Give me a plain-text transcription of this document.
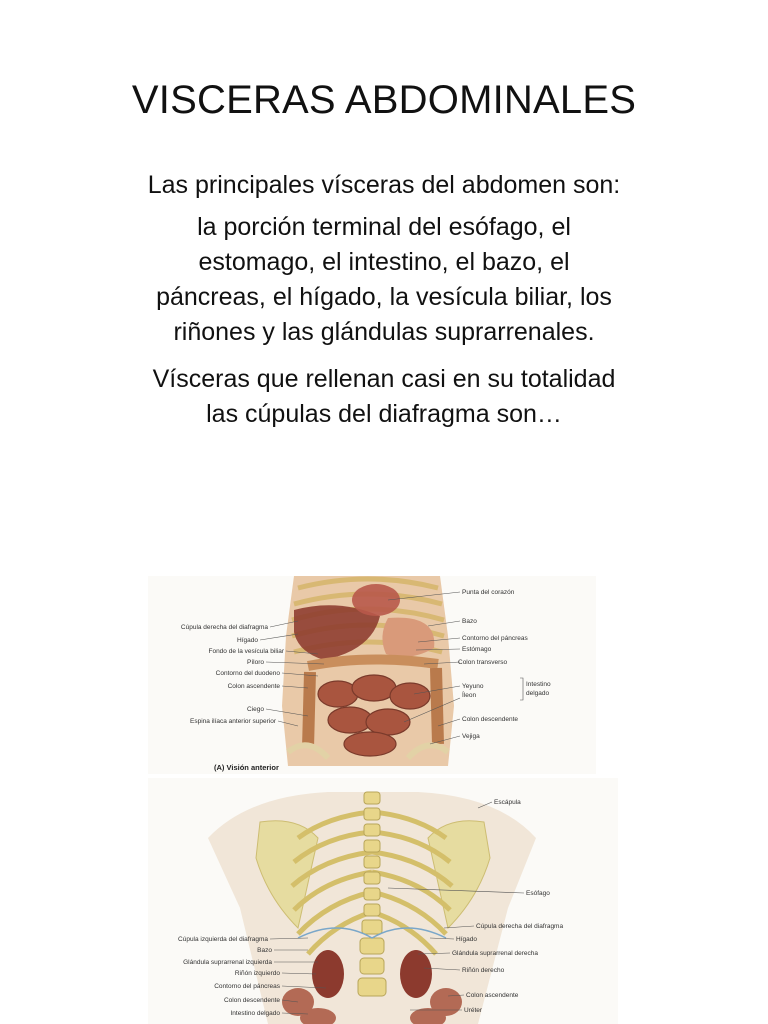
VISCERAS ABDOMINALES
Las principales vísceras del abdomen son:
la porción terminal del esófago, el
estomago, el intestino, el bazo, el
páncreas, el hígado, la vesícula biliar, los
riñones y las glándulas suprarrenales.
Vísceras que rellenan casi en su totalidad
las cúpulas del diafragma son…
Cúpula derecha del diafragma
Hígado
Fondo de la vesícula biliar
Píloro
Contorno del duodeno
Colon ascendente
Ciego
Espina ilíaca anterior superior
Punta del corazón
Bazo
Contorno del páncreas
Estómago
Colon transverso
Yeyuno
Íleon
Intestino
delgado
Colon descendente
Vejiga
(A) Visión anterior
Cúpula izquierda del diafragma
Bazo
Glándula suprarrenal izquierda
Riñón izquierdo
Contorno del páncreas
Colon descendente
Intestino delgado
Escápula
Esófago
Cúpula derecha del diafragma
Hígado
Glándula suprarrenal derecha
Riñón derecho
Colon ascendente
Uréter
